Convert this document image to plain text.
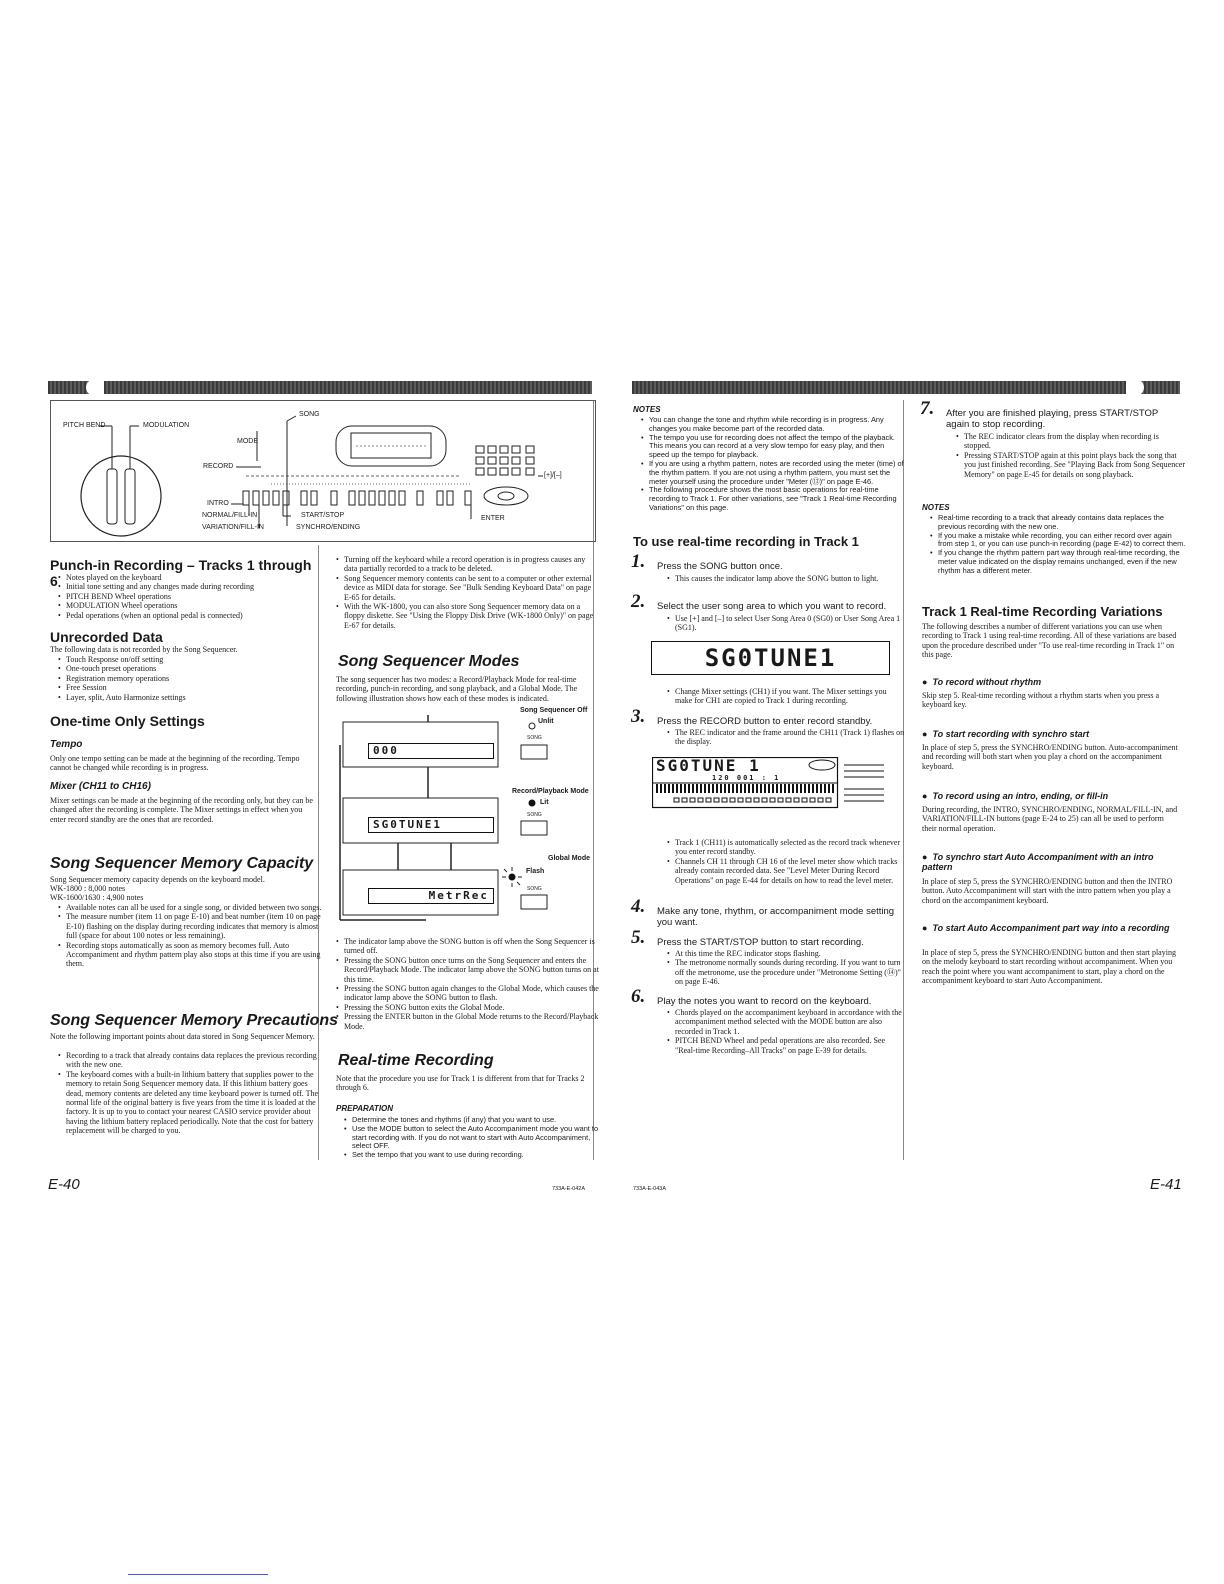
PITCH BEND	MODULATION
SONG
MODE
RECORD
INTRO
NORMAL/FILL-IN
VARIATION/FILL-IN
START/STOP
SYNCHRO/ENDING
ENTER
[+]/[–]
Punch-in Recording – Tracks 1 through 6
•	Notes played on the keyboard
• Initial tone setting and any changes made during recording
• PITCH BEND Wheel operations
• MODULATION Wheel operations
• Pedal operations (when an optional pedal is connected)
Unrecorded Data

The following data is not recorded by the Song Sequencer.

• Touch Response on/off setting
• One-touch preset operations
• Registration memory operations
• Free Session
• Layer, split, Auto Harmonize settings
One-time Only Settings
Tempo

Only one tempo setting can be made at the beginning of the recording. Tempo cannot be changed while recording is in progress.

Mixer (CH11 to CH16)

Mixer settings can be made at the beginning of the recording only, but they can be changed after the recording is complete. The Mixer settings in effect when you enter record standby are the ones that are recorded.

Song Sequencer Memory Capacity

Song Sequencer memory capacity depends on the keyboard model.

WK-1800 : 8,000 notes

WK-1600/1630 : 4,900 notes

• Available notes can all be used for a single song, or divided between two songs.
• The measure number (item 11 on page E-10) and beat number (item 10 on page E-10) flashing on the display during recording indicates that memory is almost full (space for about 100 notes or less remaining).
• Recording stops automatically as soon as memory becomes full. Auto Accompaniment and rhythm pattern play also stops at this time if you are using them.
Song Sequencer Memory Precautions

Note the following important points about data stored in Song Sequencer Memory.

• Recording to a track that already contains data replaces the previous recording with the new one.
• The keyboard comes with a built-in lithium battery that supplies power to the memory to retain Song Sequencer memory data. If this lithium battery goes dead, memory contents are deleted any time keyboard power is turned off. The normal life of the original battery is five years from the time it is loaded at the factory. It is up to you to contact your nearest CASIO service provider about having the lithium battery replaced periodically. Note that the cost for battery replacement will be charged to you.
E-40
• Turning off the keyboard while a record operation is in progress causes any data partially recorded to a track to be deleted.
• Song Sequencer memory contents can be sent to a computer or other external device as MIDI data for storage. See "Bulk Sending Keyboard Data" on page E-65 for details.
• With the WK-1800, you can also store Song Sequencer memory data on a floppy diskette. See "Using the Floppy Disk Drive (WK-1800 Only)" on page E-67 for details.
Song Sequencer Modes

The song sequencer has two modes: a Record/Playback Mode for real-time recording, punch-in recording, and song playback, and a Global Mode. The following illustration shows how each of these modes is indicated.

Song Sequencer Off
000
Unlit
SONG
Record/Playback Mode
SG0TUNE1
Lit
SONG
Global Mode
MetrRec
Flash
SONG
• The indicator lamp above the SONG button is off when the Song Sequencer is turned off.
• Pressing the SONG button once turns on the Song Sequencer and enters the Record/Playback Mode. The indicator lamp above the SONG button turns on at this time.
• Pressing the SONG button again changes to the Global Mode, which causes the indicator lamp above the SONG button to flash.
• Pressing the SONG button exits the Global Mode.
• Pressing the ENTER button in the Global Mode returns to the Record/Playback Mode.
Real-time Recording

Note that the procedure you use for Track 1 is different from that for Tracks 2 through 6.

PREPARATION
• Determine the tones and rhythms (if any) that you want to use.
• Use the MODE button to select the Auto Accompaniment mode you want to start recording with. If you do not want to start with Auto Accompaniment, select OFF.
• Set the tempo that you want to use during recording.
733A-E-042A
NOTES
• You can change the tone and rhythm while recording is in progress. Any changes you make become part of the recorded data.
• The tempo you use for recording does not affect the tempo of the playback. This means you can record at a very slow tempo for easy play, and then speed up the tempo for playback.
• If you are using a rhythm pattern, notes are recorded using the meter (time) of the rhythm pattern. If you are not using a rhythm pattern, you must set the meter yourself using the procedure under "Meter (⑬)" on page E-46.
• The following procedure shows the most basic operations for real-time recording to Track 1. For other variations, see "Track 1 Real-time Recording Variations" on this page.
To use real-time recording in Track 1
1. Press the SONG button once.
• This causes the indicator lamp above the SONG button to light.
2. Select the user song area to which you want to record.
• Use [+] and [–] to select User Song Area 0 (SG0) or User Song Area 1 (SG1).
SG0TUNE1
• Change Mixer settings (CH1) if you want. The Mixer settings you make for CH1 are copied to Track 1 during recording.
3. Press the RECORD button to enter record standby.
• The REC indicator and the frame around the CH11 (Track 1) flashes on the display.
SG0TUNE 1
120 001 : 1
• Track 1 (CH11) is automatically selected as the record track whenever you enter record standby.
• Channels CH 11 through CH 16 of the level meter show which tracks already contain recorded data. See "Level Meter During Record Operations" on page E-44 for details on how to read the level meter.
4. Make any tone, rhythm, or accompaniment mode setting you want.
5. Press the START/STOP button to start recording.
• At this time the REC indicator stops flashing.
• The metronome normally sounds during recording. If you want to turn off the metronome, use the procedure under "Metronome Setting (⑭)" on page E-46.
6. Play the notes you want to record on the keyboard.
• Chords played on the accompaniment keyboard in accordance with the accompaniment method selected with the MODE button are also recorded in Track 1.
• PITCH BEND Wheel and pedal operations are also recorded. See "Real-time Recording–All Tracks" on page E-39 for details.
733A-E-043A
7. After you are finished playing, press START/STOP again to stop recording.
• The REC indicator clears from the display when recording is stopped.
• Pressing START/STOP again at this point plays back the song that you just finished recording. See "Playing Back from Song Sequencer Memory" on page E-45 for details on song playback.
NOTES
• Real-time recording to a track that already contains data replaces the previous recording with the new one.
• If you make a mistake while recording, you can either record over again from step 1, or you can use punch-in recording (page E-42) to correct them.
• If you change the rhythm pattern part way through real-time recording, the meter value indicated on the display remains unchanged, even if the new rhythm has a different meter.
Track 1 Real-time Recording Variations

The following describes a number of different variations you can use when recording to Track 1 using real-time recording. All of these variations are based upon the procedure described under "To use real-time recording in Track 1" on this page.

●  To record without rhythm

Skip step 5. Real-time recording without a rhythm starts when you press a keyboard key.

●  To start recording with synchro start

In place of step 5, press the SYNCHRO/ENDING button. Auto-accompaniment and recording will both start when you play a chord on the accompaniment keyboard.

●  To record using an intro, ending, or fill-in

During recording, the INTRO, SYNCHRO/ENDING, NORMAL/FILL-IN, and VARIATION/FILL-IN buttons (page E-24 to 25) can all be used to perform their normal operation.

●  To synchro start Auto Accompaniment with an intro pattern

In place of step 5, press the SYNCHRO/ENDING button and then the INTRO button. Auto Accompaniment will start with the intro pattern when you play a chord on the accompaniment keyboard.

●  To start Auto Accompaniment part way into a recording

In place of step 5, press the SYNCHRO/ENDING button and then start playing on the melody keyboard to start recording without accompaniment. When you reach the point where you want accompaniment to start, play a chord on the accompaniment keyboard to start Auto Accompaniment.

E-41
